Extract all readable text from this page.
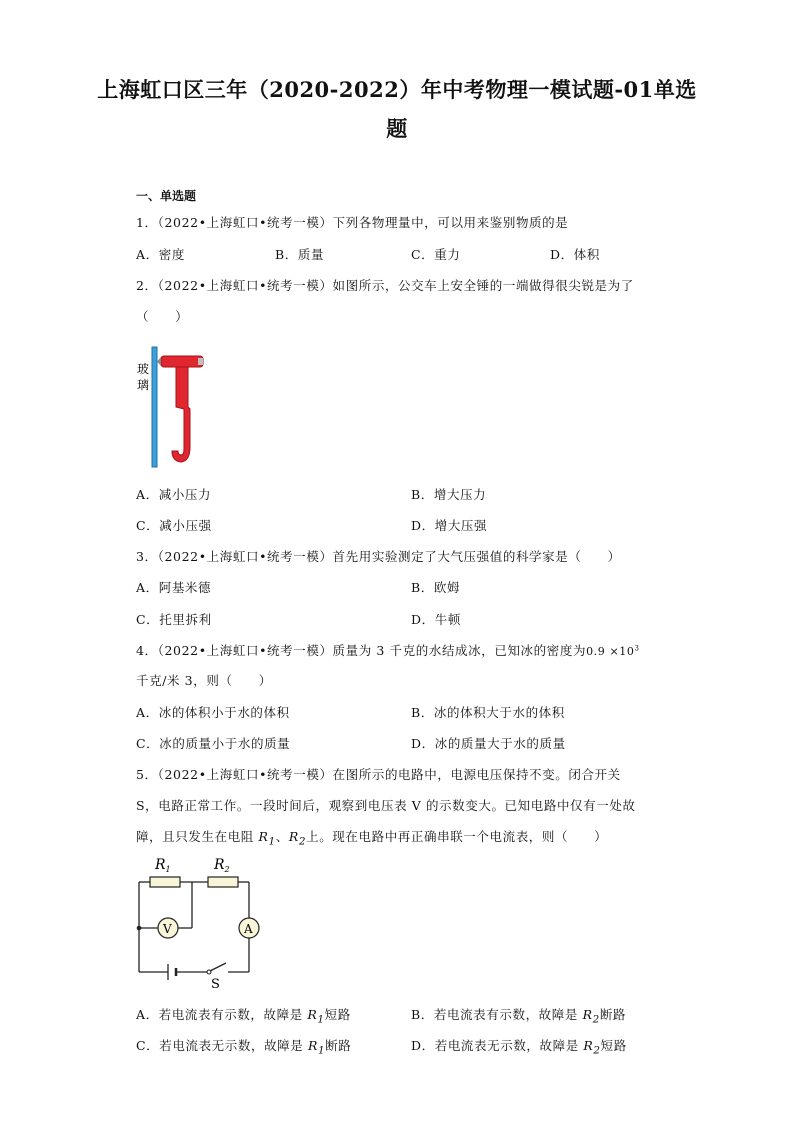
上海虹口区三年（2020-2022）年中考物理一模试题-01单选
题
一、单选题
1．（2022•上海虹口•统考一模）下列各物理量中，可以用来鉴别物质的是
A．密度	B．质量	C．重力	D．体积
2．（2022•上海虹口•统考一模）如图所示，公交车上安全锤的一端做得很尖锐是为了
（　　）
玻璃
A．减小压力	B．增大压力
C．减小压强	D．增大压强
3．（2022•上海虹口•统考一模）首先用实验测定了大气压强值的科学家是（　　）
A．阿基米德	B．欧姆
C．托里拆利	D．牛顿
4．（2022•上海虹口•统考一模）质量为 3 千克的水结成冰，已知冰的密度为$0.9 \times 10^3$
千克/米 3，则（　　）
A．冰的体积小于水的体积	B．冰的体积大于水的体积
C．冰的质量小于水的质量	D．冰的质量大于水的质量
5．（2022•上海虹口•统考一模）在图所示的电路中，电源电压保持不变。闭合开关
S，电路正常工作。一段时间后，观察到电压表 V 的示数变大。已知电路中仅有一处故
障，且只发生在电阻 $R_1$、$R_2$上。现在电路中再正确串联一个电流表，则（　　）
$R_1$	$R_2$
V	A
S
A．若电流表有示数，故障是 $R_1$短路	B．若电流表有示数，故障是 $R_2$断路
C．若电流表无示数，故障是 $R_1$断路	D．若电流表无示数，故障是 $R_2$短路
